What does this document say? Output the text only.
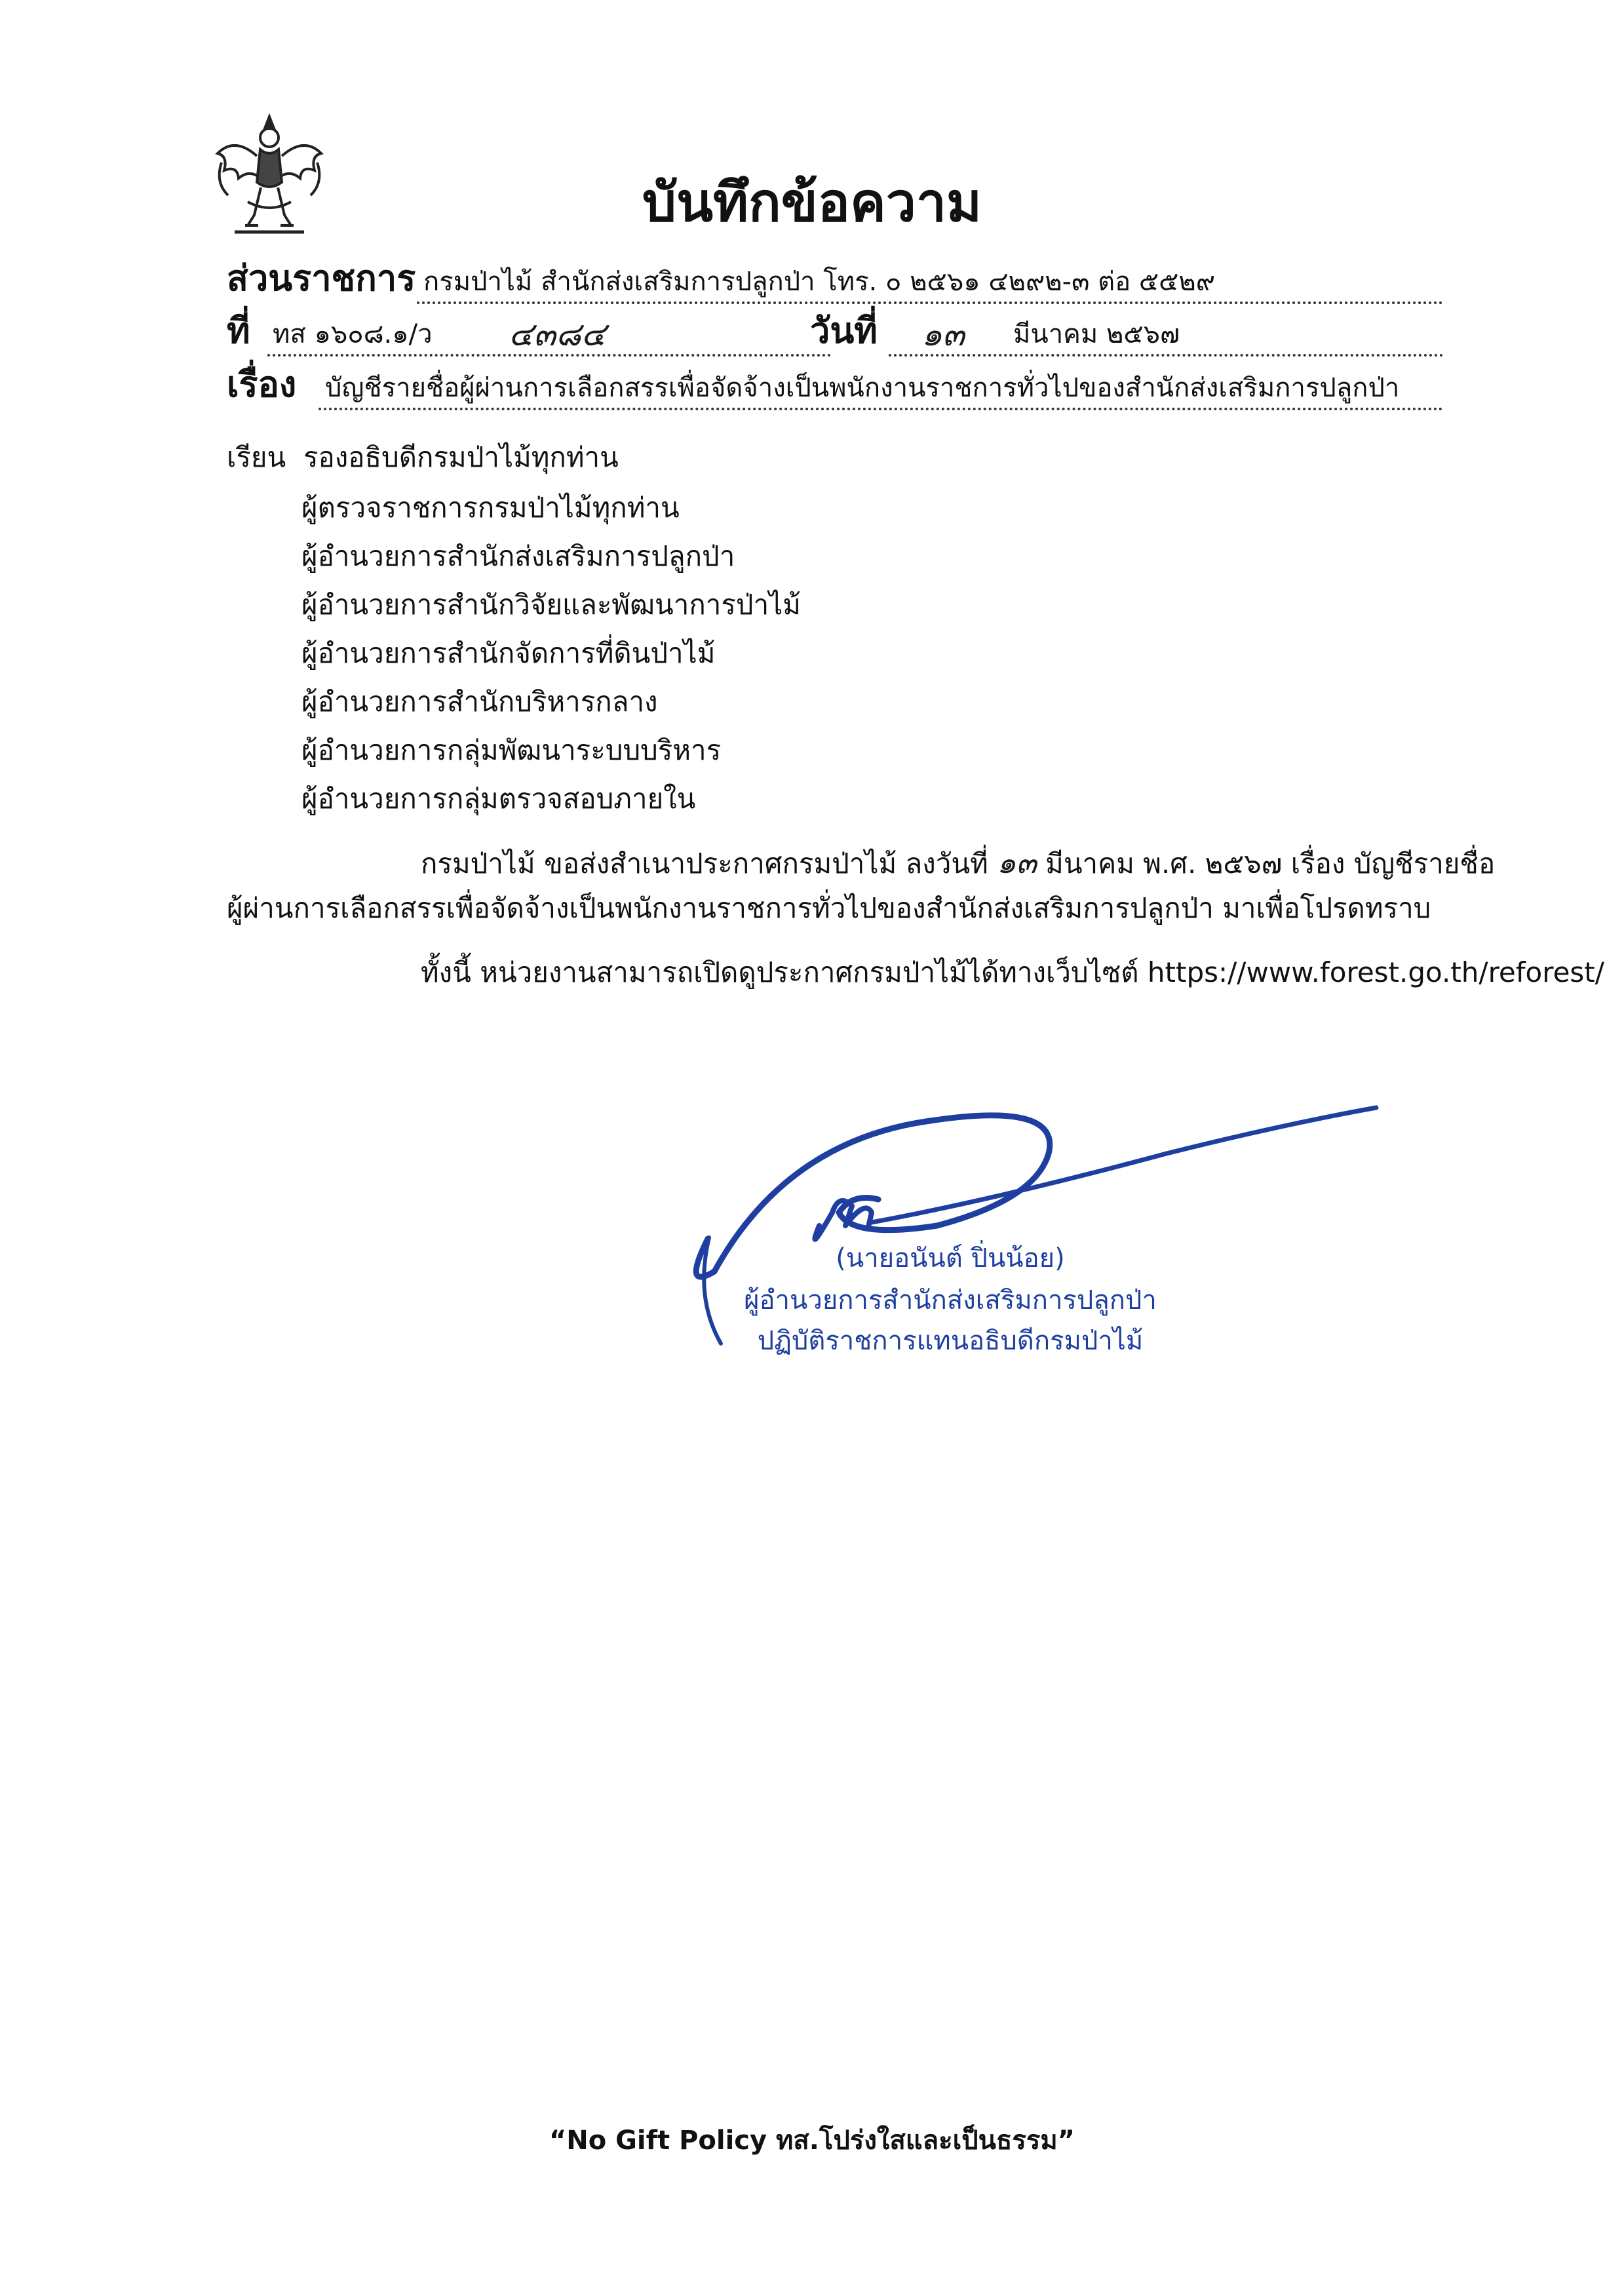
บันทึกข้อความ
ส่วนราชการ กรมป่าไม้ สำนักส่งเสริมการปลูกป่า โทร. ๐ ๒๕๖๑ ๔๒๙๒-๓ ต่อ ๕๕๒๙
ที่ ทส ๑๖๐๘.๑/ว ๔๓๘๔	วันที่ ๑๓ มีนาคม ๒๕๖๗
เรื่อง บัญชีรายชื่อผู้ผ่านการเลือกสรรเพื่อจัดจ้างเป็นพนักงานราชการทั่วไปของสำนักส่งเสริมการปลูกป่า
เรียน รองอธิบดีกรมป่าไม้ทุกท่าน
ผู้ตรวจราชการกรมป่าไม้ทุกท่าน
ผู้อำนวยการสำนักส่งเสริมการปลูกป่า
ผู้อำนวยการสำนักวิจัยและพัฒนาการป่าไม้
ผู้อำนวยการสำนักจัดการที่ดินป่าไม้
ผู้อำนวยการสำนักบริหารกลาง
ผู้อำนวยการกลุ่มพัฒนาระบบบริหาร
ผู้อำนวยการกลุ่มตรวจสอบภายใน
กรมป่าไม้ ขอส่งสำเนาประกาศกรมป่าไม้ ลงวันที่ ๑๓ มีนาคม พ.ศ. ๒๕๖๗ เรื่อง บัญชีรายชื่อ
ผู้ผ่านการเลือกสรรเพื่อจัดจ้างเป็นพนักงานราชการทั่วไปของสำนักส่งเสริมการปลูกป่า มาเพื่อโปรดทราบ
ทั้งนี้ หน่วยงานสามารถเปิดดูประกาศกรมป่าไม้ได้ทางเว็บไซต์ https://www.forest.go.th/reforest/
(นายอนันต์ ปิ่นน้อย)
ผู้อำนวยการสำนักส่งเสริมการปลูกป่า
ปฏิบัติราชการแทนอธิบดีกรมป่าไม้
“No Gift Policy ทส.โปร่งใสและเป็นธรรม”
